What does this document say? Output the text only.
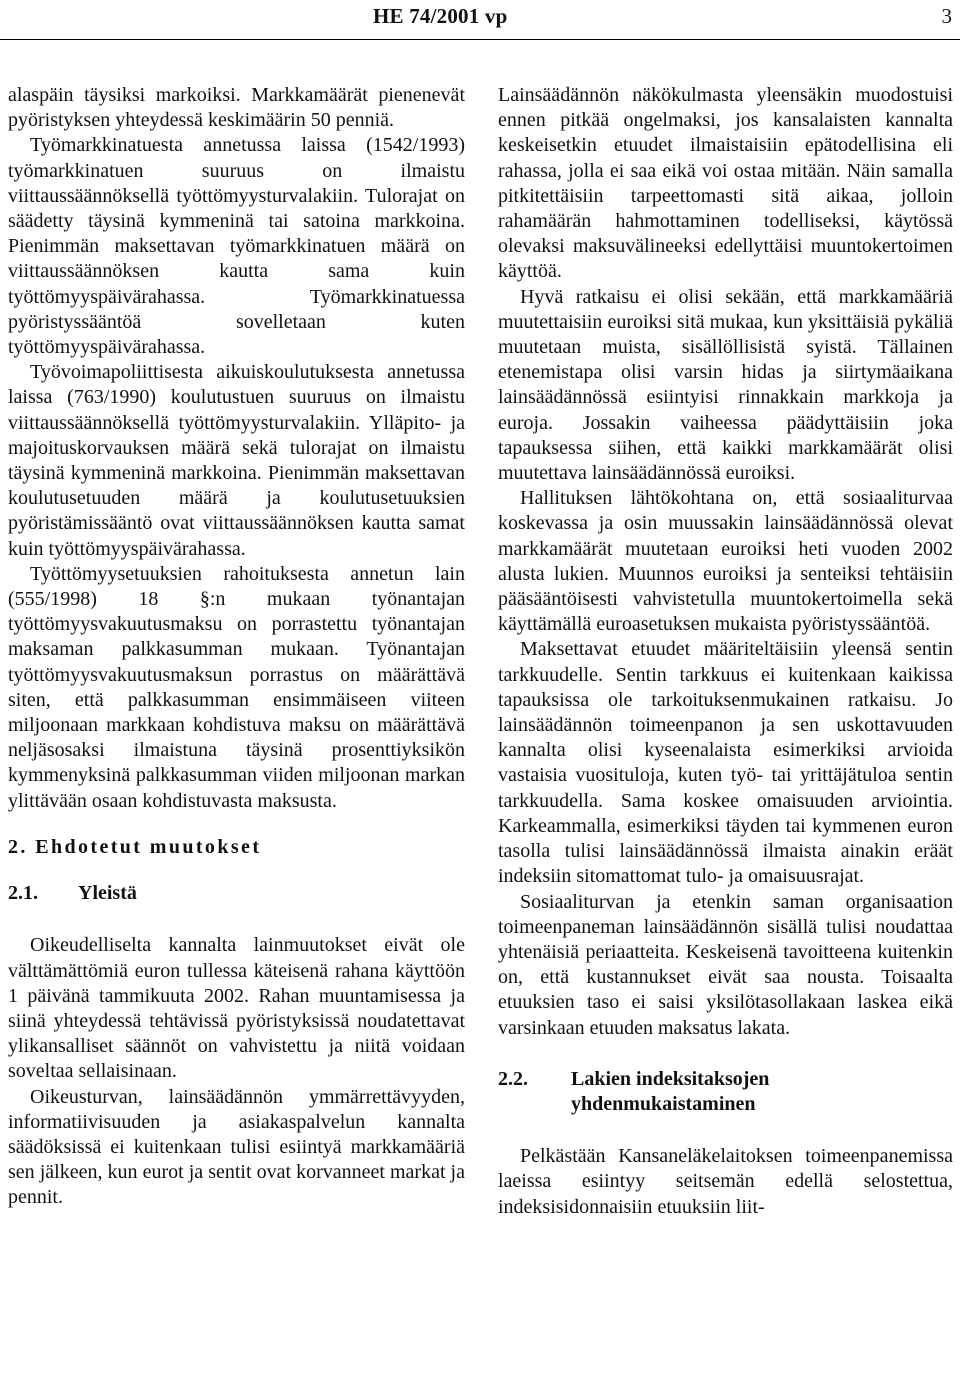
HE 74/2001 vp	3

alaspäin täysiksi markoiksi. Markkamäärät pienenevät pyöristyksen yhteydessä keskimäärin 50 penniä.

Työmarkkinatuesta annetussa laissa (1542/1993) työmarkkinatuen suuruus on ilmaistu viittaussäännöksellä työttömyysturvalakiin. Tulorajat on säädetty täysinä kymmeninä tai satoina markkoina. Pienimmän maksettavan työmarkkinatuen määrä on viittaussäännöksen kautta sama kuin työttömyyspäivärahassa. Työmarkkinatuessa pyöristyssääntöä sovelletaan kuten työttömyyspäivärahassa.

Työvoimapoliittisesta aikuiskoulutuksesta annetussa laissa (763/1990) koulutustuen suuruus on ilmaistu viittaussäännöksellä työttömyysturvalakiin. Ylläpito- ja majoituskorvauksen määrä sekä tulorajat on ilmaistu täysinä kymmeninä markkoina. Pienimmän maksettavan koulutusetuuden määrä ja koulutusetuuksien pyöristämissääntö ovat viittaussäännöksen kautta samat kuin työttömyyspäivärahassa.

Työttömyysetuuksien rahoituksesta annetun lain (555/1998) 18 §:n mukaan työnantajan työttömyysvakuutusmaksu on porrastettu työnantajan maksaman palkkasumman mukaan. Työnantajan työttömyysvakuutusmaksun porrastus on määrättävä siten, että palkkasumman ensimmäiseen viiteen miljoonaan markkaan kohdistuva maksu on määrättävä neljäsosaksi ilmaistuna täysinä prosenttiyksikön kymmenyksinä palkkasumman viiden miljoonan markan ylittävään osaan kohdistuvasta maksusta.

2. Ehdotetut muutokset
2.1. Yleistä

Oikeudelliselta kannalta lainmuutokset eivät ole välttämättömiä euron tullessa käteisenä rahana käyttöön 1 päivänä tammikuuta 2002. Rahan muuntamisessa ja siinä yhteydessä tehtävissä pyöristyksissä noudatettavat ylikansalliset säännöt on vahvistettu ja niitä voidaan soveltaa sellaisinaan.

Oikeusturvan, lainsäädännön ymmärrettävyyden, informatiivisuuden ja asiakaspalvelun kannalta säädöksissä ei kuitenkaan tulisi esiintyä markkamääriä sen jälkeen, kun eurot ja sentit ovat korvanneet markat ja pennit.

Lainsäädännön näkökulmasta yleensäkin muodostuisi ennen pitkää ongelmaksi, jos kansalaisten kannalta keskeisetkin etuudet ilmaistaisiin epätodellisina eli rahassa, jolla ei saa eikä voi ostaa mitään. Näin samalla pitkitettäisiin tarpeettomasti sitä aikaa, jolloin rahamäärän hahmottaminen todelliseksi, käytössä olevaksi maksuvälineeksi edellyttäisi muuntokertoimen käyttöä.

Hyvä ratkaisu ei olisi sekään, että markkamääriä muutettaisiin euroiksi sitä mukaa, kun yksittäisiä pykäliä muutetaan muista, sisällöllisistä syistä. Tällainen etenemistapa olisi varsin hidas ja siirtymäaikana lainsäädännössä esiintyisi rinnakkain markkoja ja euroja. Jossakin vaiheessa päädyttäisiin joka tapauksessa siihen, että kaikki markkamäärät olisi muutettava lainsäädännössä euroiksi.

Hallituksen lähtökohtana on, että sosiaaliturvaa koskevassa ja osin muussakin lainsäädännössä olevat markkamäärät muutetaan euroiksi heti vuoden 2002 alusta lukien. Muunnos euroiksi ja senteiksi tehtäisiin pääsääntöisesti vahvistetulla muuntokertoimella sekä käyttämällä euroasetuksen mukaista pyöristyssääntöä.

Maksettavat etuudet määriteltäisiin yleensä sentin tarkkuudelle. Sentin tarkkuus ei kuitenkaan kaikissa tapauksissa ole tarkoituksenmukainen ratkaisu. Jo lainsäädännön toimeenpanon ja sen uskottavuuden kannalta olisi kyseenalaista esimerkiksi arvioida vastaisia vuosituloja, kuten työ- tai yrittäjätuloa sentin tarkkuudella. Sama koskee omaisuuden arviointia. Karkeammalla, esimerkiksi täyden tai kymmenen euron tasolla tulisi lainsäädännössä ilmaista ainakin eräät indeksiin sitomattomat tulo- ja omaisuusrajat.

Sosiaaliturvan ja etenkin saman organisaation toimeenpaneman lainsäädännön sisällä tulisi noudattaa yhtenäisiä periaatteita. Keskeisenä tavoitteena kuitenkin on, että kustannukset eivät saa nousta. Toisaalta etuuksien taso ei saisi yksilötasollakaan laskea eikä varsinkaan etuuden maksatus lakata.

2.2.	Lakien indeksitaksojen yhdenmukaistaminen

Pelkästään Kansaneläkelaitoksen toimeenpanemissa laeissa esiintyy seitsemän edellä selostettua, indeksisidonnaisiin etuuksiin liit-
